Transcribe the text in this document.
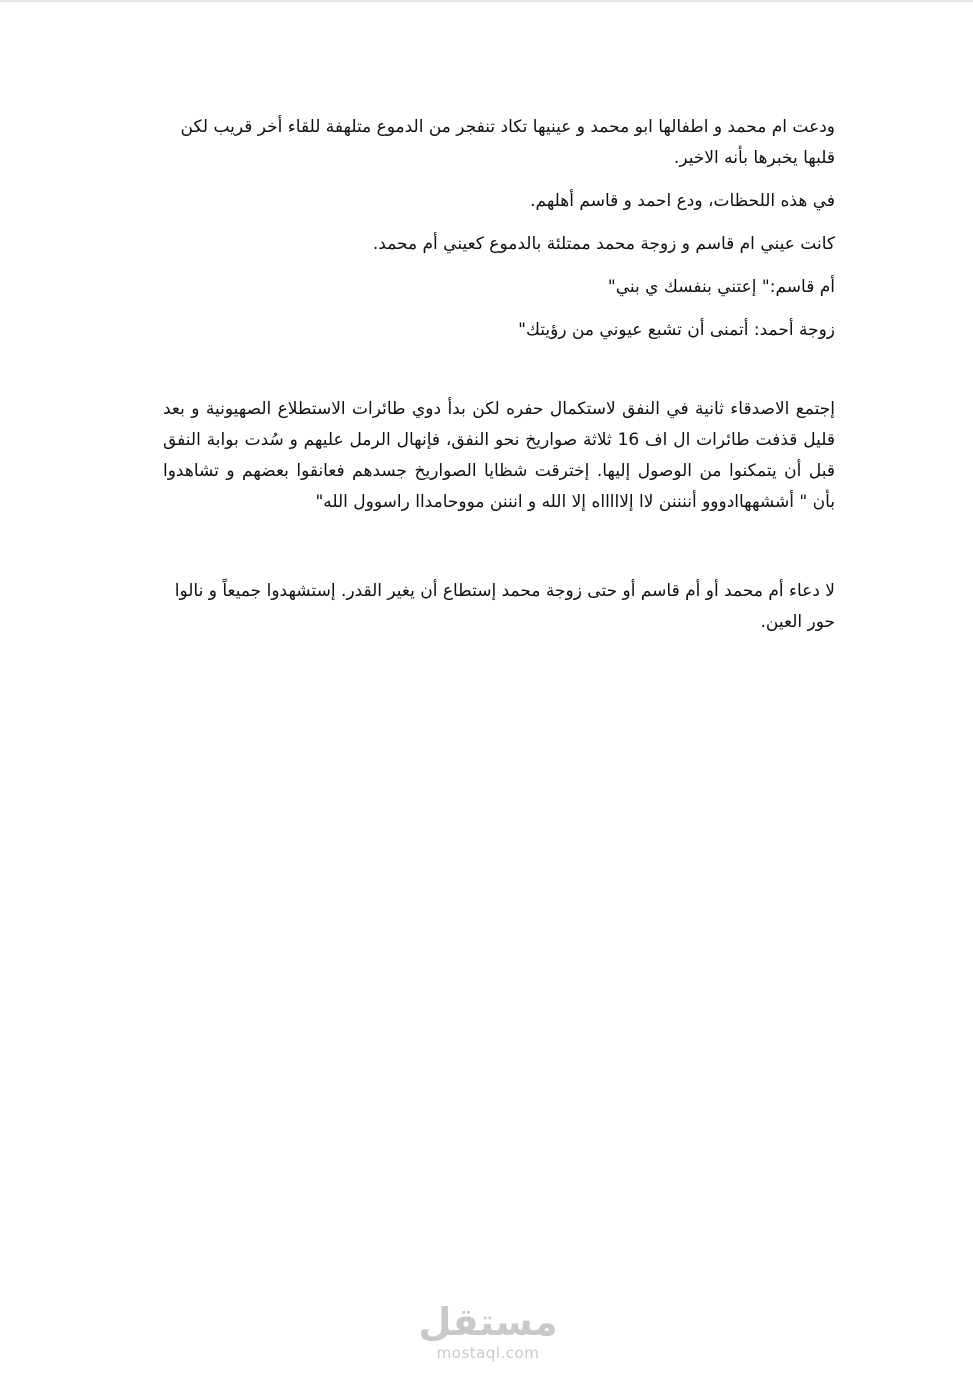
ودعت ام محمد و اطفالها ابو محمد و عينيها تكاد تنفجر من الدموع متلهفة للقاء أخر قريب لكن قلبها يخبرها بأنه الاخير.

في هذه اللحظات، ودع احمد و قاسم أهلهم.

كانت عيني ام قاسم و زوجة محمد ممتلئة بالدموع كعيني أم محمد.

أم قاسم:" إعتني بنفسك ي بني"

زوجة أحمد: أتمنى أن تشبع عيوني من رؤيتك"

إجتمع الاصدقاء ثانية في النفق لاستكمال حفره لكن بدأ دوي طائرات الاستطلاع الصهيونية و بعد قليل قذفت طائرات ال اف 16 ثلاثة صواريخ نحو النفق، فإنهال الرمل عليهم و سُدت بوابة النفق قبل أن يتمكنوا من الوصول إليها. إخترقت شظايا الصواريخ جسدهم فعانقوا بعضهم و تشاهدوا بأن " أششههاادووو أننننن لاا إلاااااه إلا الله و انننن مووحامداا راسوول الله"

لا دعاء أم محمد أو أم قاسم أو حتى زوجة محمد إستطاع أن يغير القدر. إستشهدوا جميعاً و نالوا حور العين.

مستقل
mostaql.com
